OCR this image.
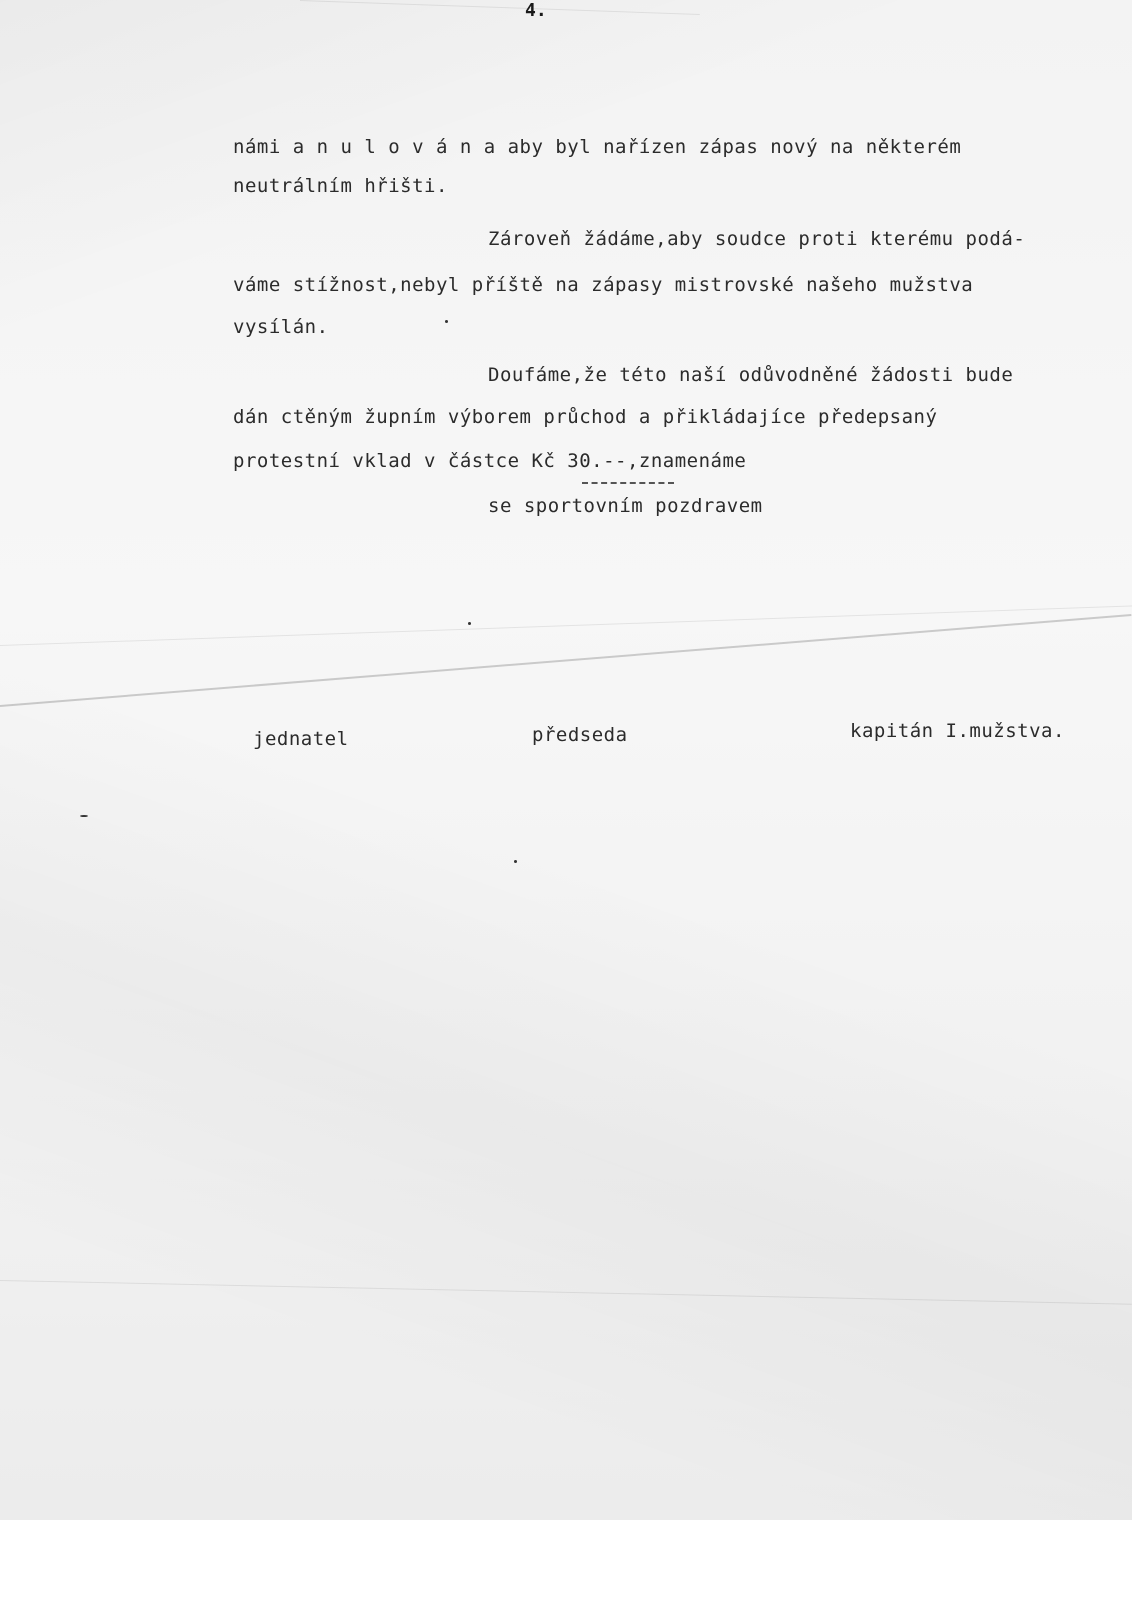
4.
námi a n u l o v á n a aby byl nařízen zápas nový na některém
neutrálním hřišti.
Zároveň žádáme,aby soudce proti kterému podá-
váme stížnost,nebyl příště na zápasy mistrovské našeho mužstva
vysílán.
Doufáme,že této naší odůvodněné žádosti bude
dán ctěným župním výborem průchod a přikládajíce předepsaný
protestní vklad v částce Kč 30.--,znamenáme
se sportovním pozdravem
jednatel	předseda	kapitán I.mužstva.
